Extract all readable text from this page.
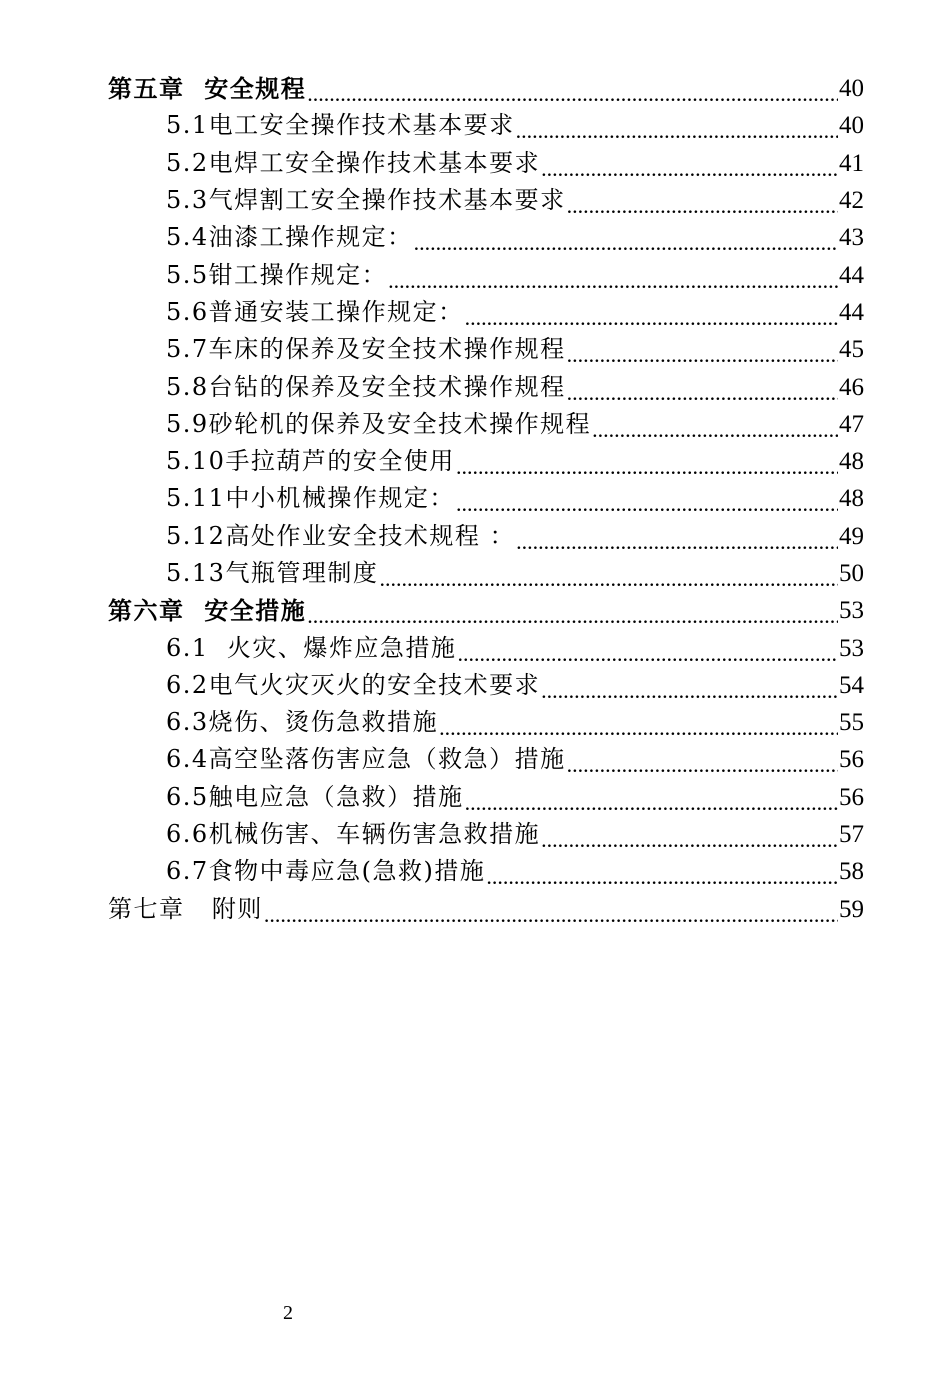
第五章  安全规程 .....	40
5.1电工安全操作技术基本要求 .....	40
5.2电焊工安全操作技术基本要求 .....	41
5.3气焊割工安全操作技术基本要求 .....	42
5.4油漆工操作规定： .....	43
5.5钳工操作规定： .....	44
5.6普通安装工操作规定： .....	44
5.7车床的保养及安全技术操作规程 .....	45
5.8台钻的保养及安全技术操作规程 .....	46
5.9砂轮机的保养及安全技术操作规程 .....	47
5.10手拉葫芦的安全使用 .....	48
5.11中小机械操作规定： .....	48
5.12高处作业安全技术规程 ： .....	49
5.13气瓶管理制度 .....	50
第六章  安全措施 .....	53
6.1  火灾、爆炸应急措施 .....	53
6.2电气火灾灭火的安全技术要求 .....	54
6.3烧伤、烫伤急救措施 .....	55
6.4高空坠落伤害应急（救急）措施 .....	56
6.5触电应急（急救）措施 .....	56
6.6机械伤害、车辆伤害急救措施 .....	57
6.7食物中毒应急(急救)措施 .....	58
第七章   附则 .....	59
2
